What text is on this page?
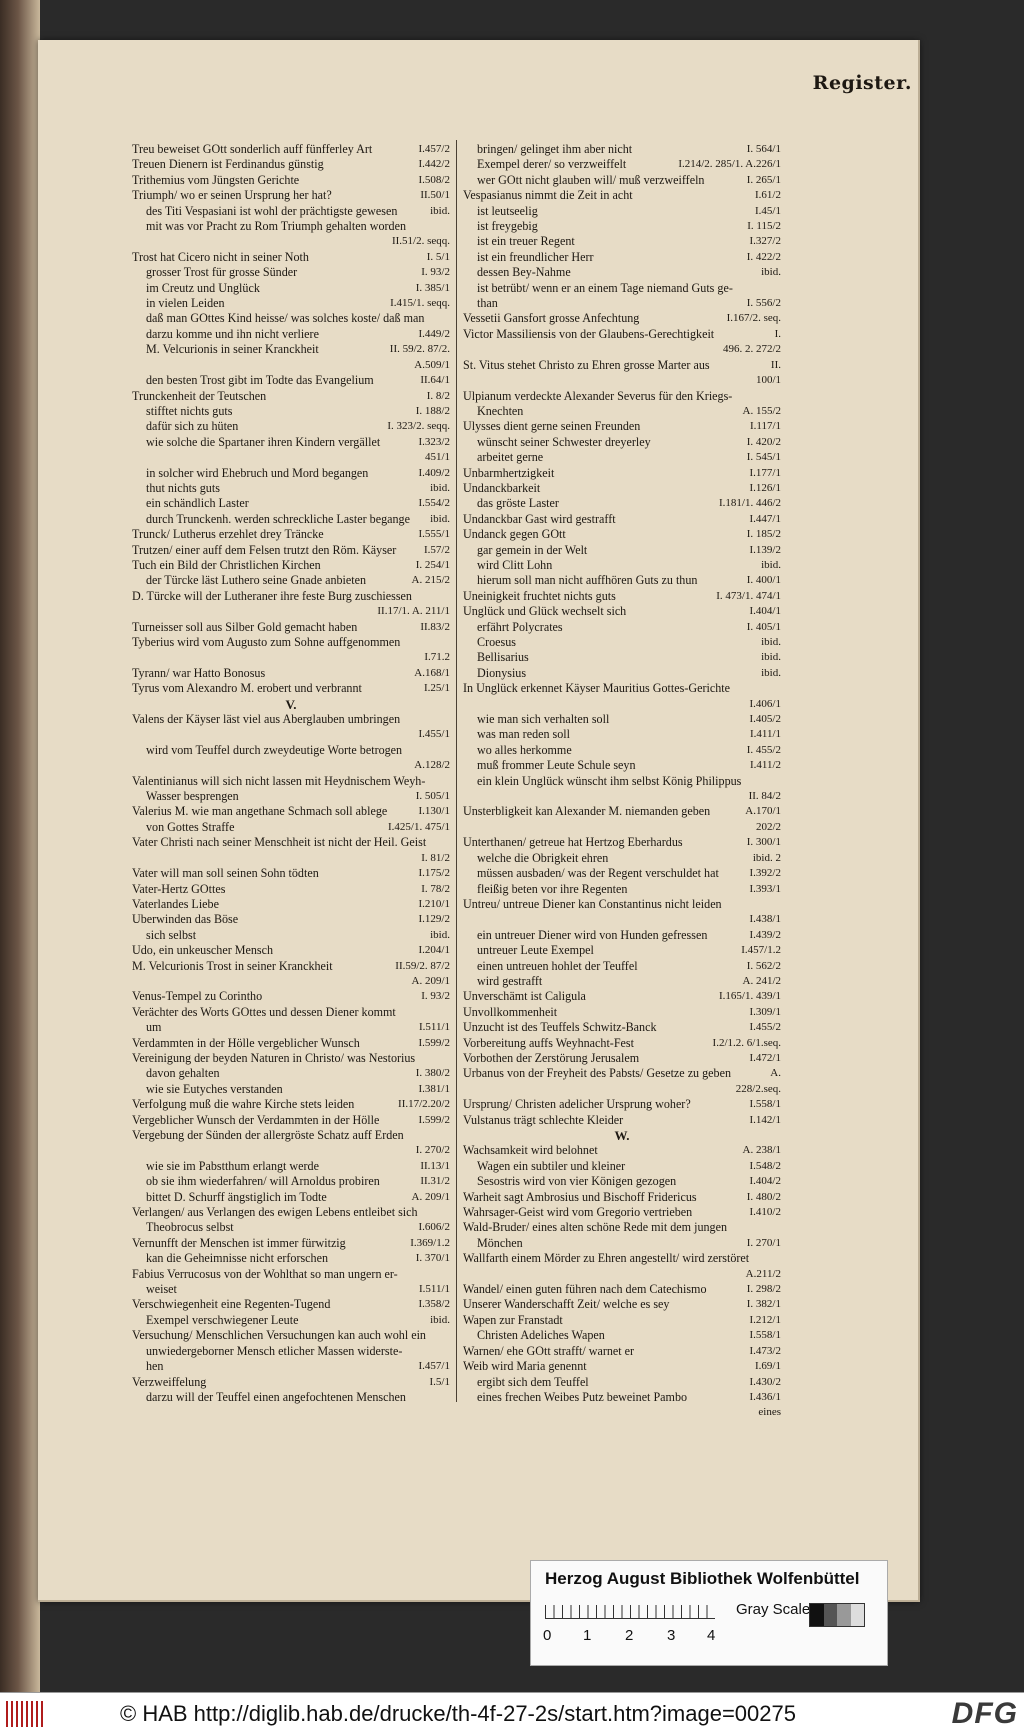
Register.
Treu beweiset GOtt sonderlich auff fünfferley Art	I.457/2
Treuen Dienern ist Ferdinandus günstig	I.442/2
Trithemius vom Jüngsten Gerichte	I.508/2
Triumph/ wo er seinen Ursprung her hat?	II.50/1
des Titi Vespasiani ist wohl der prächtigste gewesen	ibid.
mit was vor Pracht zu Rom Triumph gehalten worden
II.51/2. seqq.
Trost hat Cicero nicht in seiner Noth	I. 5/1
grosser Trost für grosse Sünder	I. 93/2
im Creutz und Unglück	I. 385/1
in vielen Leiden	I.415/1. seqq.
daß man GOttes Kind heisse/ was solches koste/ daß man
darzu komme und ihn nicht verliere	I.449/2
M. Velcurionis in seiner Kranckheit	II. 59/2. 87/2.
A.509/1
den besten Trost gibt im Todte das Evangelium	II.64/1
Trunckenheit der Teutschen	I. 8/2
stifftet nichts guts	I. 188/2
dafür sich zu hüten	I. 323/2. seqq.
wie solche die Spartaner ihren Kindern vergället	I.323/2
451/1
in solcher wird Ehebruch und Mord begangen	I.409/2
thut nichts guts	ibid.
ein schändlich Laster	I.554/2
durch Trunckenh. werden schreckliche Laster begange ibid.
Trunck/ Lutherus erzehlet drey Träncke	I.555/1
Trutzen/ einer auff dem Felsen trutzt den Röm. Käyser	I.57/2
Tuch ein Bild der Christlichen Kirchen	I. 254/1
der Türcke läst Luthero seine Gnade anbieten	A. 215/2
D. Türcke will der Lutheraner ihre feste Burg zuschiessen
II.17/1. A. 211/1
Turneisser soll aus Silber Gold gemacht haben	II.83/2
Tyberius wird vom Augusto zum Sohne auffgenommen
I.71.2
Tyrann/ war Hatto Bonosus	A.168/1
Tyrus vom Alexandro M. erobert und verbrannt	I.25/1
V.
Valens der Käyser läst viel aus Aberglauben umbringen
I.455/1
wird vom Teuffel durch zweydeutige Worte betrogen
A.128/2
Valentinianus will sich nicht lassen mit Heydnischem Weyh-
Wasser besprengen	I. 505/1
Valerius M. wie man angethane Schmach soll ablege	I.130/1
von Gottes Straffe	I.425/1. 475/1
Vater Christi nach seiner Menschheit ist nicht der Heil. Geist
I. 81/2
Vater will man soll seinen Sohn tödten	I.175/2
Vater-Hertz GOttes	I. 78/2
Vaterlandes Liebe	I.210/1
Uberwinden das Böse	I.129/2
sich selbst	ibid.
Udo, ein unkeuscher Mensch	I.204/1
M. Velcurionis Trost in seiner Kranckheit	II.59/2. 87/2
A. 209/1
Venus-Tempel zu Corintho	I. 93/2
Verächter des Worts GOttes und dessen Diener kommt
um	I.511/1
Verdammten in der Hölle vergeblicher Wunsch	I.599/2
Vereinigung der beyden Naturen in Christo/ was Nestorius
davon gehalten	I. 380/2
wie sie Eutyches verstanden	I.381/1
Verfolgung muß die wahre Kirche stets leiden	II.17/2.20/2
Vergeblicher Wunsch der Verdammten in der Hölle	I.599/2
Vergebung der Sünden der allergröste Schatz auff Erden
I. 270/2
wie sie im Pabstthum erlangt werde	II.13/1
ob sie ihm wiederfahren/ will Arnoldus probiren	II.31/2
bittet D. Schurff ängstiglich im Todte	A. 209/1
Verlangen/ aus Verlangen des ewigen Lebens entleibet sich
Theobrocus selbst	I.606/2
Vernunfft der Menschen ist immer fürwitzig	I.369/1.2
kan die Geheimnisse nicht erforschen	I. 370/1
Fabius Verrucosus von der Wohlthat so man ungern er-
weiset	I.511/1
Verschwiegenheit eine Regenten-Tugend	I.358/2
Exempel verschwiegener Leute	ibid.
Versuchung/ Menschlichen Versuchungen kan auch wohl ein
unwiedergeborner Mensch etlicher Massen widerste-
hen	I.457/1
Verzweiffelung	I.5/1
darzu will der Teuffel einen angefochtenen Menschen
bringen/ gelinget ihm aber nicht	I. 564/1
Exempel derer/ so verzweiffelt	I.214/2. 285/1. A.226/1
wer GOtt nicht glauben will/ muß verzweiffeln	I. 265/1
Vespasianus nimmt die Zeit in acht	I.61/2
ist leutseelig	I.45/1
ist freygebig	I. 115/2
ist ein treuer Regent	I.327/2
ist ein freundlicher Herr	I. 422/2
dessen Bey-Nahme	ibid.
ist betrübt/ wenn er an einem Tage niemand Guts ge-
than	I. 556/2
Vessetii Gansfort grosse Anfechtung	I.167/2. seq.
Victor Massiliensis von der Glaubens-Gerechtigkeit	I.
496. 2. 272/2
St. Vitus stehet Christo zu Ehren grosse Marter aus	II.
100/1
Ulpianum verdeckte Alexander Severus für den Kriegs-
Knechten	A. 155/2
Ulysses dient gerne seinen Freunden	I.117/1
wünscht seiner Schwester dreyerley	I. 420/2
arbeitet gerne	I. 545/1
Unbarmhertzigkeit	I.177/1
Undanckbarkeit	I.126/1
das gröste Laster	I.181/1. 446/2
Undanckbar Gast wird gestrafft	I.447/1
Undanck gegen GOtt	I. 185/2
gar gemein in der Welt	I.139/2
wird Clitt Lohn	ibid.
hierum soll man nicht auffhören Guts zu thun	I. 400/1
Uneinigkeit fruchtet nichts guts	I. 473/1. 474/1
Unglück und Glück wechselt sich	I.404/1
erfährt Polycrates	I. 405/1
Croesus	ibid.
Bellisarius	ibid.
Dionysius	ibid.
In Unglück erkennet Käyser Mauritius Gottes-Gerichte
I.406/1
wie man sich verhalten soll	I.405/2
was man reden soll	I.411/1
wo alles herkomme	I. 455/2
muß frommer Leute Schule seyn	I.411/2
ein klein Unglück wünscht ihm selbst König Philippus
II. 84/2
Unsterbligkeit kan Alexander M. niemanden geben	A.170/1
202/2
Unterthanen/ getreue hat Hertzog Eberhardus	I. 300/1
welche die Obrigkeit ehren	ibid. 2
müssen ausbaden/ was der Regent verschuldet hat	I.392/2
fleißig beten vor ihre Regenten	I.393/1
Untreu/ untreue Diener kan Constantinus nicht leiden
I.438/1
ein untreuer Diener wird von Hunden gefressen	I.439/2
untreuer Leute Exempel	I.457/1.2
einen untreuen hohlet der Teuffel	I. 562/2
wird gestrafft	A. 241/2
Unverschämt ist Caligula	I.165/1. 439/1
Unvollkommenheit	I.309/1
Unzucht ist des Teuffels Schwitz-Banck	I.455/2
Vorbereitung auffs Weyhnacht-Fest	I.2/1.2. 6/1.seq.
Vorbothen der Zerstörung Jerusalem	I.472/1
Urbanus von der Freyheit des Pabsts/ Gesetze zu geben	A.
228/2.seq.
Ursprung/ Christen adelicher Ursprung woher?	I.558/1
Vulstanus trägt schlechte Kleider	I.142/1
W.
Wachsamkeit wird belohnet	A. 238/1
Wagen ein subtiler und kleiner	I.548/2
Sesostris wird von vier Königen gezogen	I.404/2
Warheit sagt Ambrosius und Bischoff Fridericus	I. 480/2
Wahrsager-Geist wird vom Gregorio vertrieben	I.410/2
Wald-Bruder/ eines alten schöne Rede mit dem jungen
Mönchen	I. 270/1
Wallfarth einem Mörder zu Ehren angestellt/ wird zerstöret
A.211/2
Wandel/ einen guten führen nach dem Catechismo	I. 298/2
Unserer Wanderschafft Zeit/ welche es sey	I. 382/1
Wapen zur Franstadt	I.212/1
Christen Adeliches Wapen	I.558/1
Warnen/ ehe GOtt strafft/ warnet er	I.473/2
Weib wird Maria genennt	I.69/1
ergibt sich dem Teuffel	I.430/2
eines frechen Weibes Putz beweinet Pambo	I.436/1
eines
Herzog August Bibliothek Wolfenbüttel
0 1 2 3 4
Gray Scale
© HAB http://diglib.hab.de/drucke/th-4f-27-2s/start.htm?image=00275	DFG
